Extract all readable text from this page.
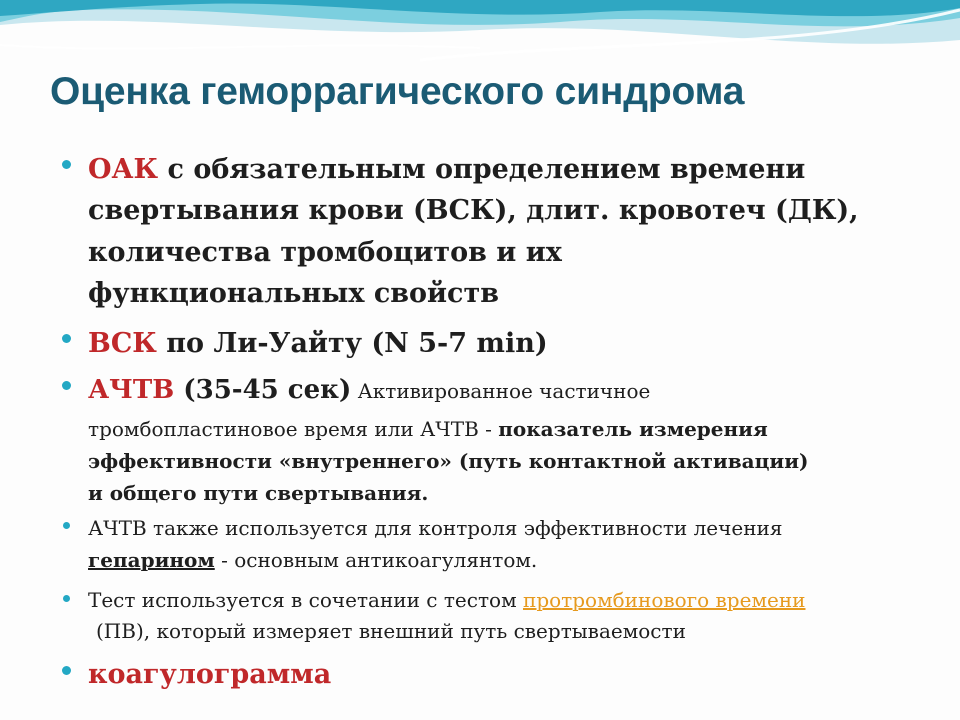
Оценка геморрагического синдрома
ОАК с обязательным определением времени
свертывания крови (ВСК), длит. кровотеч (ДК),
количества тромбоцитов и их
функциональных свойств
ВСК по Ли-Уайту (N 5-7 min)
АЧТВ (35-45 сек) Активированное частичное
тромбопластиновое время или АЧТВ - показатель измерения
эффективности «внутреннего» (путь контактной активации)
и общего пути свертывания.
АЧТВ также используется для контроля эффективности лечения
гепарином - основным антикоагулянтом.
Тест используется в сочетании с тестом протромбинового времени
(ПВ), который измеряет внешний путь свертываемости
коагулограмма
